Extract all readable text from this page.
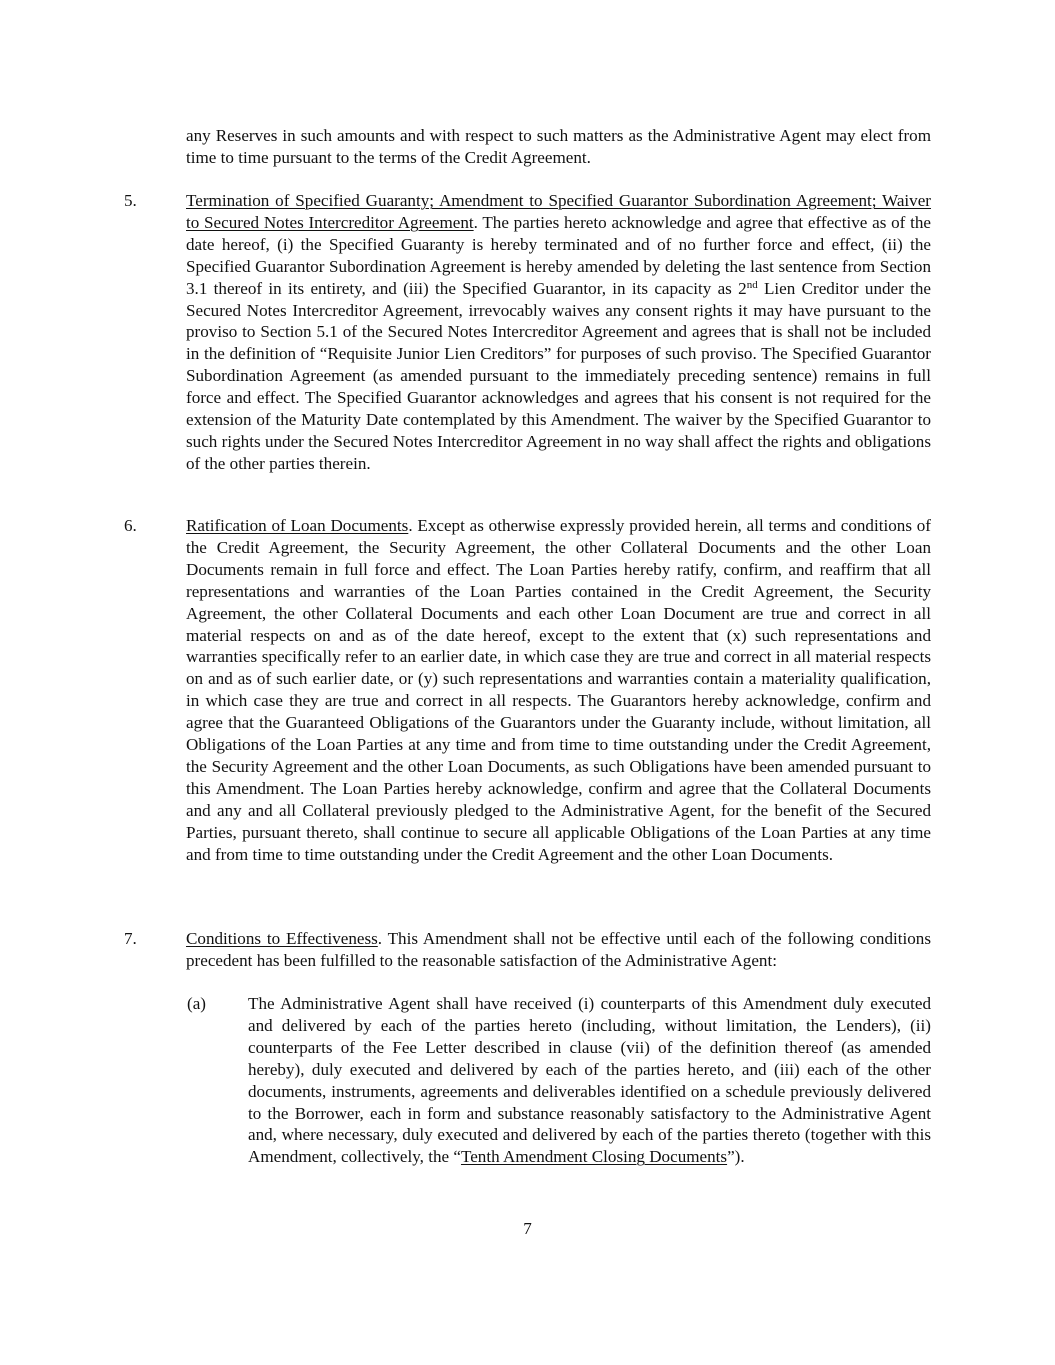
any Reserves in such amounts and with respect to such matters as the Administrative Agent may elect from time to time pursuant to the terms of the Credit Agreement.
5.	Termination of Specified Guaranty; Amendment to Specified Guarantor Subordination Agreement; Waiver to Secured Notes Intercreditor Agreement. The parties hereto acknowledge and agree that effective as of the date hereof, (i) the Specified Guaranty is hereby terminated and of no further force and effect, (ii) the Specified Guarantor Subordination Agreement is hereby amended by deleting the last sentence from Section 3.1 thereof in its entirety, and (iii) the Specified Guarantor, in its capacity as 2nd Lien Creditor under the Secured Notes Intercreditor Agreement, irrevocably waives any consent rights it may have pursuant to the proviso to Section 5.1 of the Secured Notes Intercreditor Agreement and agrees that is shall not be included in the definition of “Requisite Junior Lien Creditors” for purposes of such proviso. The Specified Guarantor Subordination Agreement (as amended pursuant to the immediately preceding sentence) remains in full force and effect. The Specified Guarantor acknowledges and agrees that his consent is not required for the extension of the Maturity Date contemplated by this Amendment. The waiver by the Specified Guarantor to such rights under the Secured Notes Intercreditor Agreement in no way shall affect the rights and obligations of the other parties therein.
6.	Ratification of Loan Documents. Except as otherwise expressly provided herein, all terms and conditions of the Credit Agreement, the Security Agreement, the other Collateral Documents and the other Loan Documents remain in full force and effect. The Loan Parties hereby ratify, confirm, and reaffirm that all representations and warranties of the Loan Parties contained in the Credit Agreement, the Security Agreement, the other Collateral Documents and each other Loan Document are true and correct in all material respects on and as of the date hereof, except to the extent that (x) such representations and warranties specifically refer to an earlier date, in which case they are true and correct in all material respects on and as of such earlier date, or (y) such representations and warranties contain a materiality qualification, in which case they are true and correct in all respects. The Guarantors hereby acknowledge, confirm and agree that the Guaranteed Obligations of the Guarantors under the Guaranty include, without limitation, all Obligations of the Loan Parties at any time and from time to time outstanding under the Credit Agreement, the Security Agreement and the other Loan Documents, as such Obligations have been amended pursuant to this Amendment. The Loan Parties hereby acknowledge, confirm and agree that the Collateral Documents and any and all Collateral previously pledged to the Administrative Agent, for the benefit of the Secured Parties, pursuant thereto, shall continue to secure all applicable Obligations of the Loan Parties at any time and from time to time outstanding under the Credit Agreement and the other Loan Documents.
7.	Conditions to Effectiveness. This Amendment shall not be effective until each of the following conditions precedent has been fulfilled to the reasonable satisfaction of the Administrative Agent:
(a) The Administrative Agent shall have received (i) counterparts of this Amendment duly executed and delivered by each of the parties hereto (including, without limitation, the Lenders), (ii) counterparts of the Fee Letter described in clause (vii) of the definition thereof (as amended hereby), duly executed and delivered by each of the parties hereto, and (iii) each of the other documents, instruments, agreements and deliverables identified on a schedule previously delivered to the Borrower, each in form and substance reasonably satisfactory to the Administrative Agent and, where necessary, duly executed and delivered by each of the parties thereto (together with this Amendment, collectively, the “Tenth Amendment Closing Documents”).
7
